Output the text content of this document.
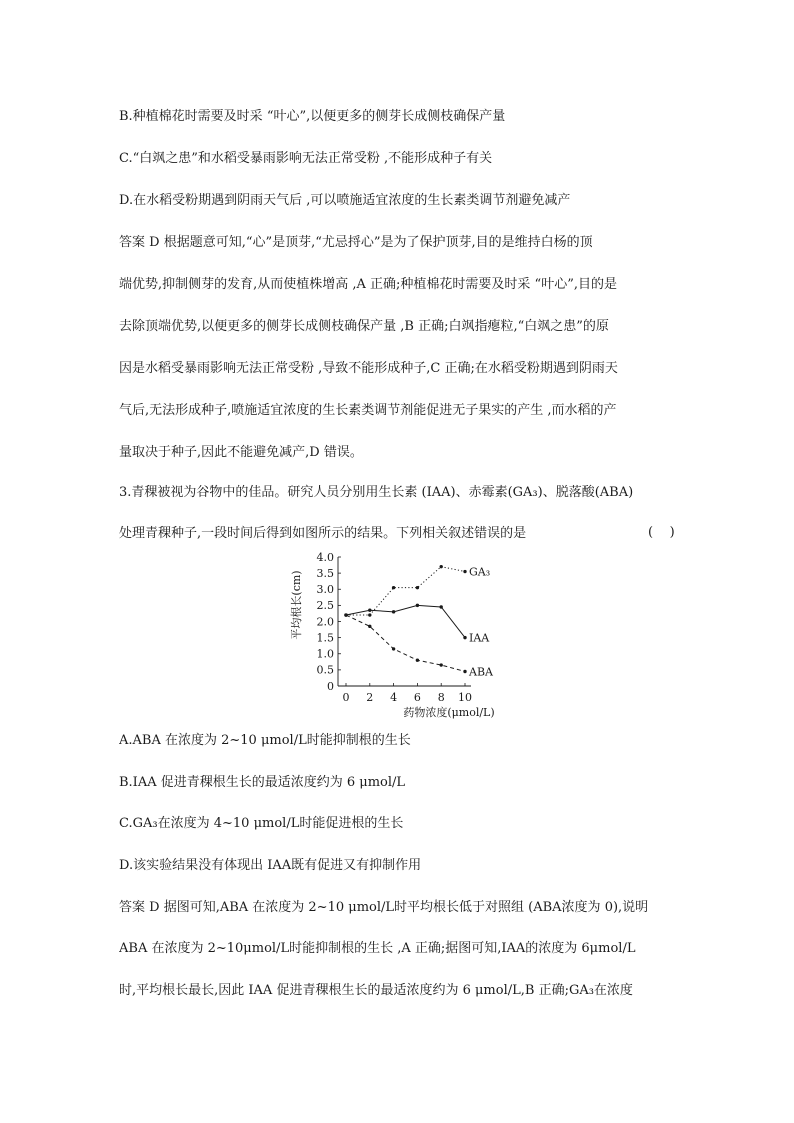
B.种植棉花时需要及时采 “叶心”,以便更多的侧芽长成侧枝确保产量
C.“白飒之患”和水稻受暴雨影响无法正常受粉 ,不能形成种子有关
D.在水稻受粉期遇到阴雨天气后 ,可以喷施适宜浓度的生长素类调节剂避免减产
答案 D 根据题意可知,“心”是顶芽,“尤忌捋心”是为了保护顶芽,目的是维持白杨的顶
端优势,抑制侧芽的发育,从而使植株增高 ,A 正确;种植棉花时需要及时采 “叶心”,目的是
去除顶端优势,以便更多的侧芽长成侧枝确保产量 ,B 正确;白飒指瘪粒,“白飒之患”的原
因是水稻受暴雨影响无法正常受粉 ,导致不能形成种子,C 正确;在水稻受粉期遇到阴雨天
气后,无法形成种子,喷施适宜浓度的生长素类调节剂能促进无子果实的产生 ,而水稻的产
量取决于种子,因此不能避免减产,D 错误。
3.青稞被视为谷物中的佳品。研究人员分别用生长素 (IAA)、赤霉素(GA₃)、脱落酸(ABA)
处理青稞种子,一段时间后得到如图所示的结果。下列相关叙述错误的是	(    )
0
0.5
1.0
1.5
2.0
2.5
3.0
3.5
4.0
0 2 4 6 8 10
平均根长(cm)
药物浓度(μmol/L)
GA₃
IAA
ABA
A.ABA 在浓度为 2~10 μmol/L时能抑制根的生长
B.IAA 促进青稞根生长的最适浓度约为 6 μmol/L
C.GA₃在浓度为 4~10 μmol/L时能促进根的生长
D.该实验结果没有体现出 IAA既有促进又有抑制作用
答案 D 据图可知,ABA 在浓度为 2~10 μmol/L时平均根长低于对照组 (ABA浓度为 0),说明
ABA 在浓度为 2~10μmol/L时能抑制根的生长 ,A 正确;据图可知,IAA的浓度为 6μmol/L
时,平均根长最长,因此 IAA 促进青稞根生长的最适浓度约为 6 μmol/L,B 正确;GA₃在浓度
